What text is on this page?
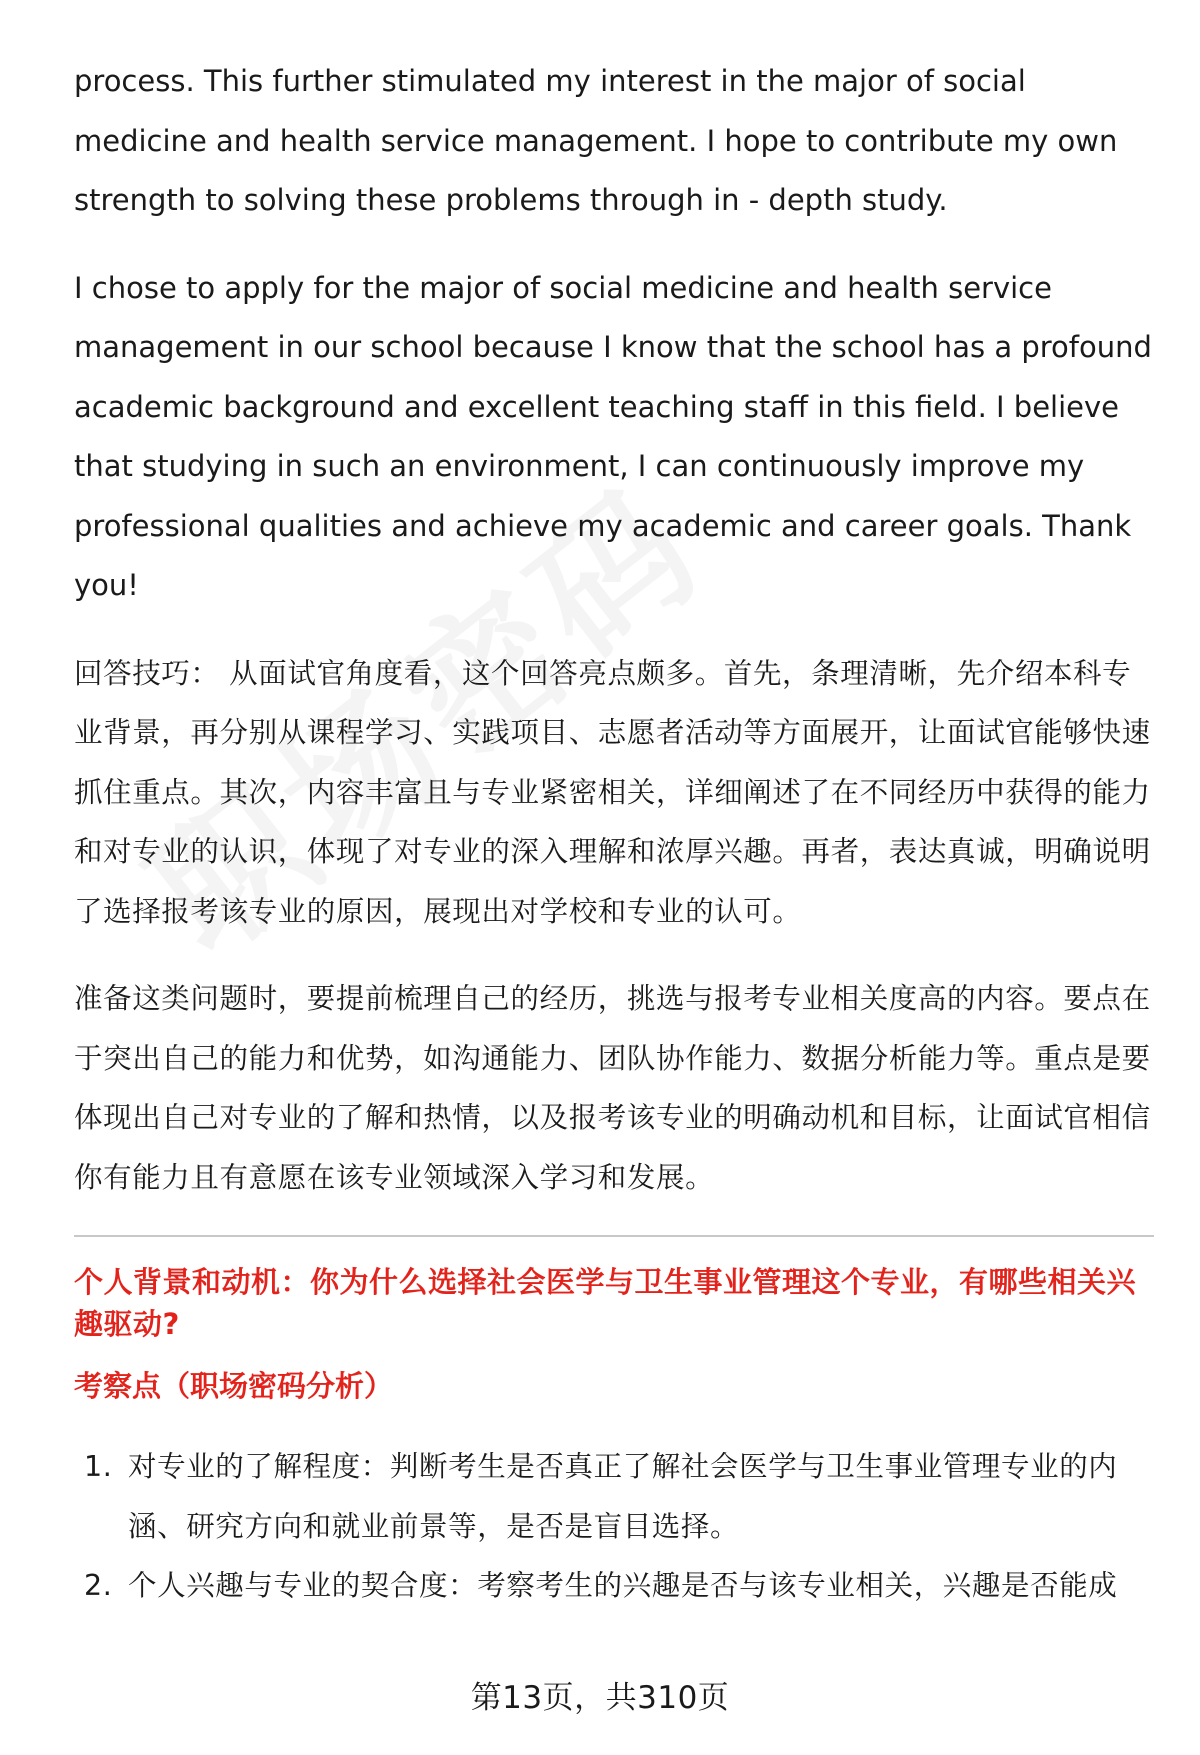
process. This further stimulated my interest in the major of social medicine and health service management. I hope to contribute my own strength to solving these problems through in - depth study.

I chose to apply for the major of social medicine and health service management in our school because I know that the school has a profound academic background and excellent teaching staff in this field. I believe that studying in such an environment, I can continuously improve my professional qualities and achieve my academic and career goals. Thank you!

回答技巧： 从面试官角度看，这个回答亮点颇多。首先，条理清晰，先介绍本科专业背景，再分别从课程学习、实践项目、志愿者活动等方面展开，让面试官能够快速抓住重点。其次，内容丰富且与专业紧密相关，详细阐述了在不同经历中获得的能力和对专业的认识，体现了对专业的深入理解和浓厚兴趣。再者，表达真诚，明确说明了选择报考该专业的原因，展现出对学校和专业的认可。

准备这类问题时，要提前梳理自己的经历，挑选与报考专业相关度高的内容。要点在于突出自己的能力和优势，如沟通能力、团队协作能力、数据分析能力等。重点是要体现出自己对专业的了解和热情，以及报考该专业的明确动机和目标，让面试官相信你有能力且有意愿在该专业领域深入学习和发展。

个人背景和动机：你为什么选择社会医学与卫生事业管理这个专业，有哪些相关兴趣驱动?
考察点（职场密码分析）
1. 对专业的了解程度：判断考生是否真正了解社会医学与卫生事业管理专业的内涵、研究方向和就业前景等，是否是盲目选择。
2. 个人兴趣与专业的契合度：考察考生的兴趣是否与该专业相关，兴趣是否能成
第13页，共310页
